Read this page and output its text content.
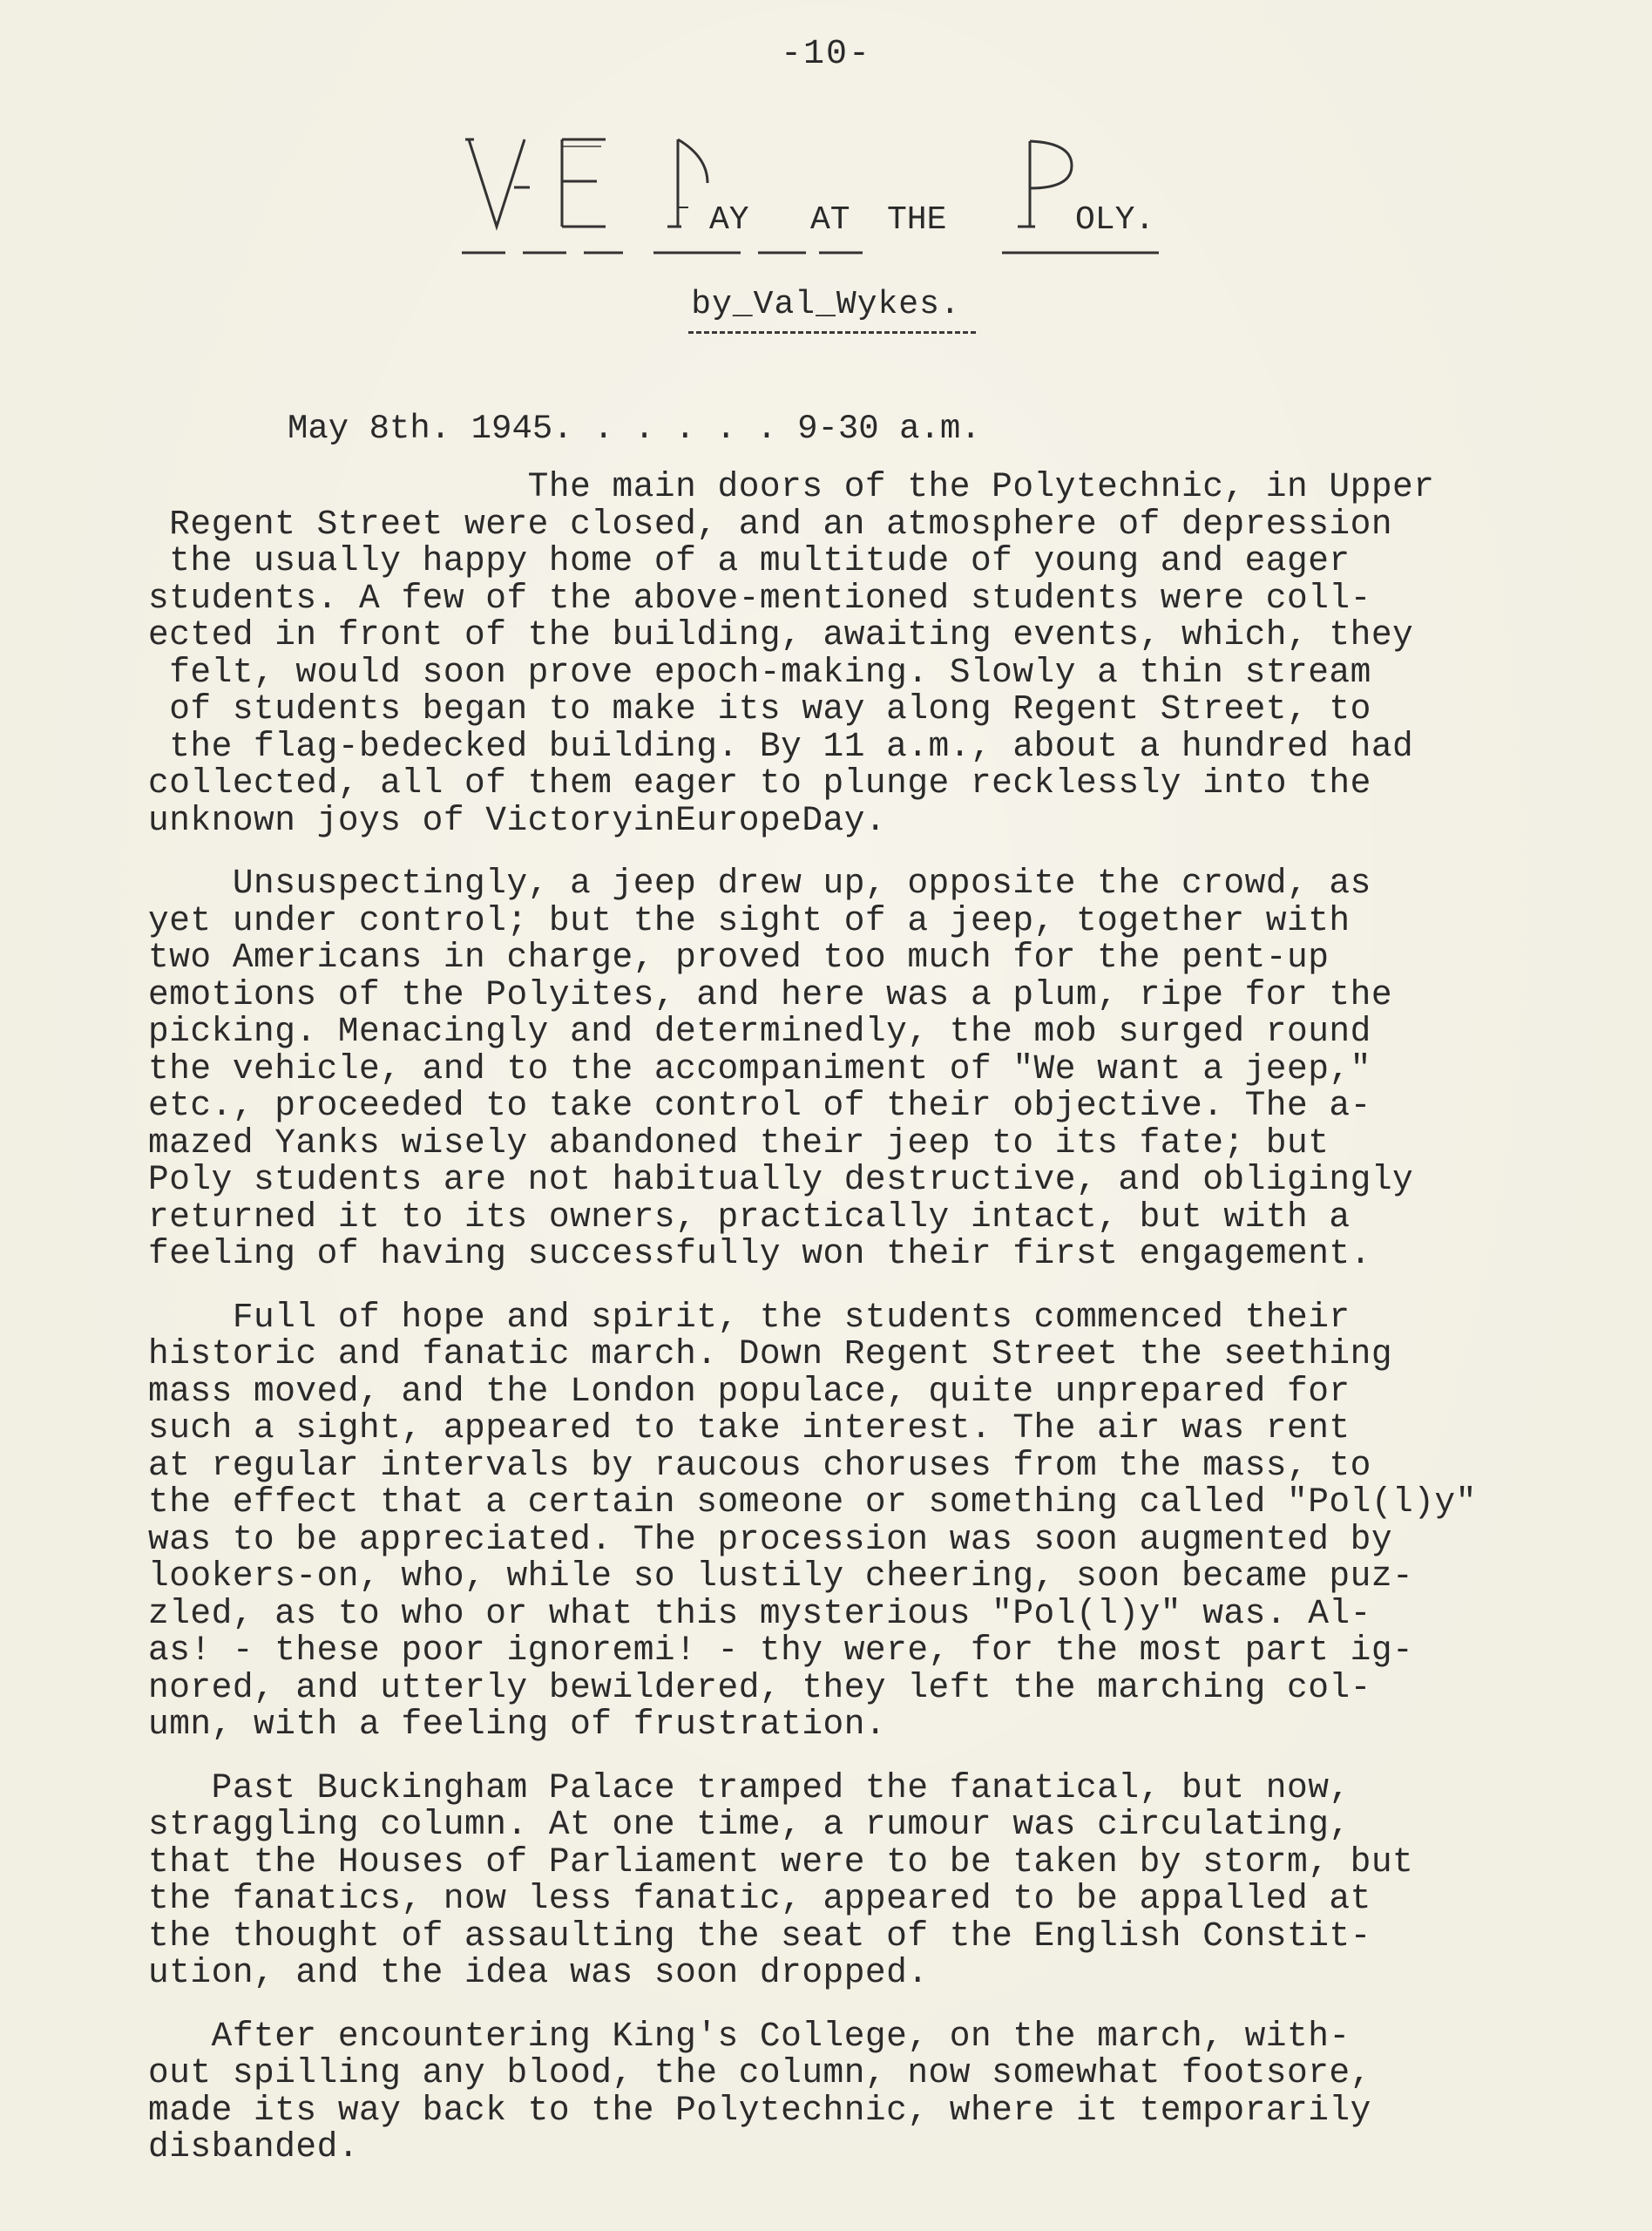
-10-
AY AT THE	OLY.
by_Val_Wykes.
May 8th. 1945. . . . . . 9-30 a.m.
The main doors of the Polytechnic, in Upper
Regent Street were closed, and an atmosphere of depression
the usually happy home of a multitude of young and eager
students. A few of the above-mentioned students were coll-
ected in front of the building, awaiting events, which, they
felt, would soon prove epoch-making. Slowly a thin stream
of students began to make its way along Regent Street, to
the flag-bedecked building. By 11 a.m., about a hundred had
collected, all of them eager to plunge recklessly into the
unknown joys of VictoryinEuropeDay.
Unsuspectingly, a jeep drew up, opposite the crowd, as
yet under control; but the sight of a jeep, together with
two Americans in charge, proved too much for the pent-up
emotions of the Polyites, and here was a plum, ripe for the
picking. Menacingly and determinedly, the mob surged round
the vehicle, and to the accompaniment of "We want a jeep,"
etc., proceeded to take control of their objective. The a-
mazed Yanks wisely abandoned their jeep to its fate; but
Poly students are not habitually destructive, and obligingly
returned it to its owners, practically intact, but with a
feeling of having successfully won their first engagement.
Full of hope and spirit, the students commenced their
historic and fanatic march. Down Regent Street the seething
mass moved, and the London populace, quite unprepared for
such a sight, appeared to take interest. The air was rent
at regular intervals by raucous choruses from the mass, to
the effect that a certain someone or something called "Pol(l)y"
was to be appreciated. The procession was soon augmented by
lookers-on, who, while so lustily cheering, soon became puz-
zled, as to who or what this mysterious "Pol(l)y" was. Al-
as! - these poor ignoremi! - thy were, for the most part ig-
nored, and utterly bewildered, they left the marching col-
umn, with a feeling of frustration.
Past Buckingham Palace tramped the fanatical, but now,
straggling column. At one time, a rumour was circulating,
that the Houses of Parliament were to be taken by storm, but
the fanatics, now less fanatic, appeared to be appalled at
the thought of assaulting the seat of the English Constit-
ution, and the idea was soon dropped.
After encountering King's College, on the march, with-
out spilling any blood, the column, now somewhat footsore,
made its way back to the Polytechnic, where it temporarily
disbanded.
